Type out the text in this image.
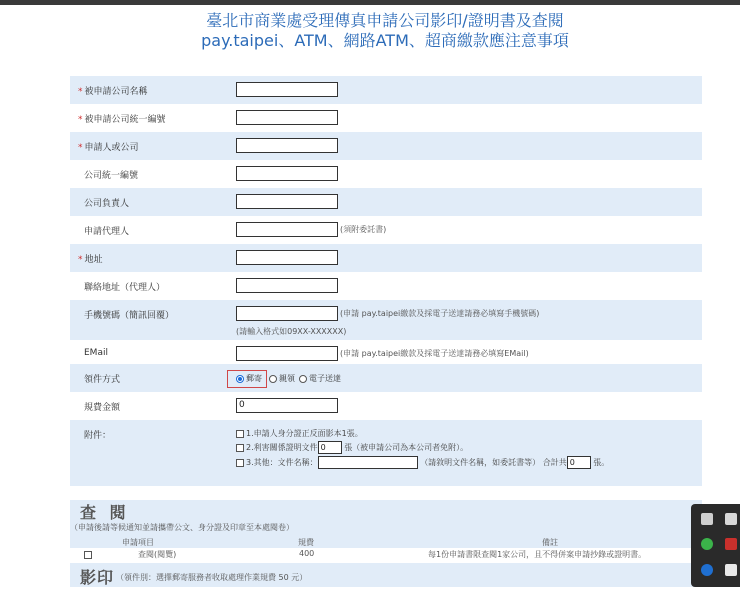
臺北市商業處受理傳真申請公司影印/證明書及查閱
pay.taipei、ATM、網路ATM、超商繳款應注意事項
* 被申請公司名稱
* 被申請公司統一編號
* 申請人或公司
公司統一編號
公司負責人
申請代理人	(須附委託書)
* 地址
聯絡地址（代理人）
手機號碼（簡訊回覆）	(申請 pay.taipei繳款及採電子送達請務必填寫手機號碼)
(請輸入格式如09XX-XXXXXX)
EMail	(申請 pay.taipei繳款及採電子送達請務必填寫EMail)
領件方式	郵寄 親領 電子送達
規費金額	0
附件：	1.申請人身分證正反面影本1張。
2.利害關係證明文件 0 張（被申請公司為本公司者免附）。
3.其他：文件名稱：	（請敘明文件名稱，如委託書等） 合計共 0 張。
查 閱
（申請後請等候通知並請攜帶公文、身分證及印章至本處閱卷）
申請項目	規費	備註
查閱(閱覽)	400	每1份申請書限查閱1家公司，且不得併案申請抄錄或證明書。
影印 （領件別：選擇郵寄服務者收取處理作業規費 50 元）
